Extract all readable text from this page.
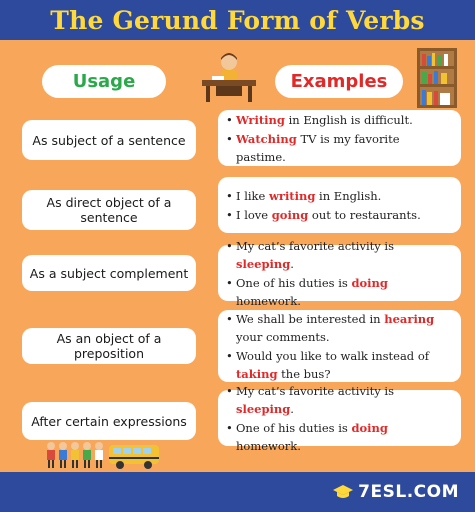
The Gerund Form of Verbs
Usage	Examples
As subject of a sentence
• Writing in English is difficult.
• Watching TV is my favorite pastime.
As direct object of a sentence
• I like writing in English.
• I love going out to restaurants.
As a subject complement
• My cat’s favorite activity is sleeping.
• One of his duties is doing homework.
As an object of a preposition
• We shall be interested in hearing your comments.
• Would you like to walk instead of taking the bus?
After certain expressions
• My cat’s favorite activity is sleeping.
• One of his duties is doing homework.
7ESL.COM
